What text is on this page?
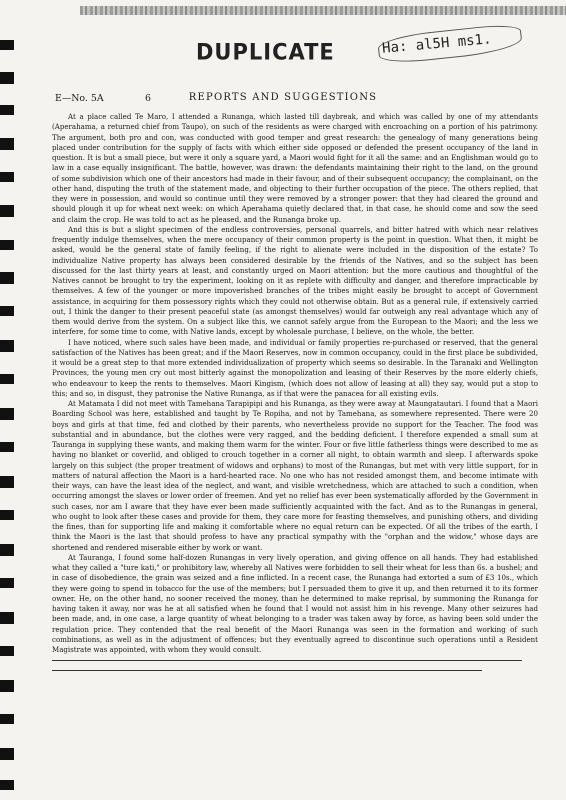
DUPLICATE	Ha: al5H ms1.
E—No. 5A	6	REPORTS AND SUGGESTIONS

At a place called Te Maro, I attended a Runanga, which lasted till daybreak, and which was called by one of my attendants (Aperahama, a returned chief from Taupo), on such of the residents as were charged with encroaching on a portion of his patrimony. The argument, both pro and con, was conducted with good temper and great research: the genealogy of many generations being placed under contribution for the supply of facts with which either side opposed or defended the present occupancy of the land in question. It is but a small piece, but were it only a square yard, a Maori would fight for it all the same: and an Englishman would go to law in a case equally insignificant. The battle, however, was drawn: the defendants maintaining their right to the land, on the ground of some subdivision which one of their ancestors had made in their favour, and of their subsequent occupancy; the complainant, on the other hand, disputing the truth of the statement made, and objecting to their further occupation of the piece. The others replied, that they were in possession, and would so continue until they were removed by a stronger power: that they had cleared the ground and should plough it up for wheat next week: on which Aperahama quietly declared that, in that case, he should come and sow the seed and claim the crop. He was told to act as he pleased, and the Runanga broke up.

And this is but a slight specimen of the endless controversies, personal quarrels, and bitter hatred with which near relatives frequently indulge themselves, when the mere occupancy of their common property is the point in question. What then, it might be asked, would be the general state of family feeling, if the right to alienate were included in the disposition of the estate? To individualize Native property has always been considered desirable by the friends of the Natives, and so the subject has been discussed for the last thirty years at least, and constantly urged on Maori attention: but the more cautious and thoughtful of the Natives cannot be brought to try the experiment, looking on it as replete with difficulty and danger, and therefore impracticable by themselves. A few of the younger or more impoverished branches of the tribes might easily be brought to accept of Government assistance, in acquiring for them possessory rights which they could not otherwise obtain. But as a general rule, if extensively carried out, I think the danger to their present peaceful state (as amongst themselves) would far outweigh any real advantage which any of them would derive from the system. On a subject like this, we cannot safely argue from the European to the Maori; and the less we interfere, for some time to come, with Native lands, except by wholesale purchase, I believe, on the whole, the better.

I have noticed, where such sales have been made, and individual or family properties re-purchased or reserved, that the general satisfaction of the Natives has been great; and if the Maori Reserves, now in common occupancy, could in the first place be subdivided, it would be a great step to that more extended individualization of property which seems so desirable. In the Taranaki and Wellington Provinces, the young men cry out most bitterly against the monopolization and leasing of their Reserves by the more elderly chiefs, who endeavour to keep the rents to themselves. Maori Kingism, (which does not allow of leasing at all) they say, would put a stop to this; and so, in disgust, they patronise the Native Runanga, as if that were the panacea for all existing evils.

At Matamata I did not meet with Tamehana Tarapipipi and his Runanga, as they were away at Maungatautari. I found that a Maori Boarding School was here, established and taught by Te Ropiha, and not by Tamehana, as somewhere represented. There were 20 boys and girls at that time, fed and clothed by their parents, who nevertheless provide no support for the Teacher. The food was substantial and in abundance, but the clothes were very ragged, and the bedding deficient. I therefore expended a small sum at Tauranga in supplying these wants, and making them warm for the winter. Four or five little fatherless things were described to me as having no blanket or coverlid, and obliged to crouch together in a corner all night, to obtain warmth and sleep. I afterwards spoke largely on this subject (the proper treatment of widows and orphans) to most of the Runangas, but met with very little support, for in matters of natural affection the Maori is a hard-hearted race. No one who has not resided amongst them, and become intimate with their ways, can have the least idea of the neglect, and want, and visible wretchedness, which are attached to such a condition, when occurring amongst the slaves or lower order of freemen. And yet no relief has ever been systematically afforded by the Government in such cases, nor am I aware that they have ever been made sufficiently acquainted with the fact. And as to the Runangas in general, who ought to look after these cases and provide for them, they care more for feasting themselves, and punishing others, and dividing the fines, than for supporting life and making it comfortable where no equal return can be expected. Of all the tribes of the earth, I think the Maori is the last that should profess to have any practical sympathy with the "orphan and the widow," whose days are shortened and rendered miserable either by work or want.

At Tauranga, I found some half-dozen Runangas in very lively operation, and giving offence on all hands. They had established what they called a "ture kati," or prohibitory law, whereby all Natives were forbidden to sell their wheat for less than 6s. a bushel; and in case of disobedience, the grain was seized and a fine inflicted. In a recent case, the Runanga had extorted a sum of £3 10s., which they were going to spend in tobacco for the use of the members; but I persuaded them to give it up, and then returned it to its former owner. He, on the other hand, no sooner received the money, than he determined to make reprisal, by summoning the Runanga for having taken it away, nor was he at all satisfied when he found that I would not assist him in his revenge. Many other seizures had been made, and, in one case, a large quantity of wheat belonging to a trader was taken away by force, as having been sold under the regulation price. They contended that the real benefit of the Maori Runanga was seen in the formation and working of such combinations, as well as in the adjustment of offences; but they eventually agreed to discontinue such operations until a Resident Magistrate was appointed, with whom they would consult.
